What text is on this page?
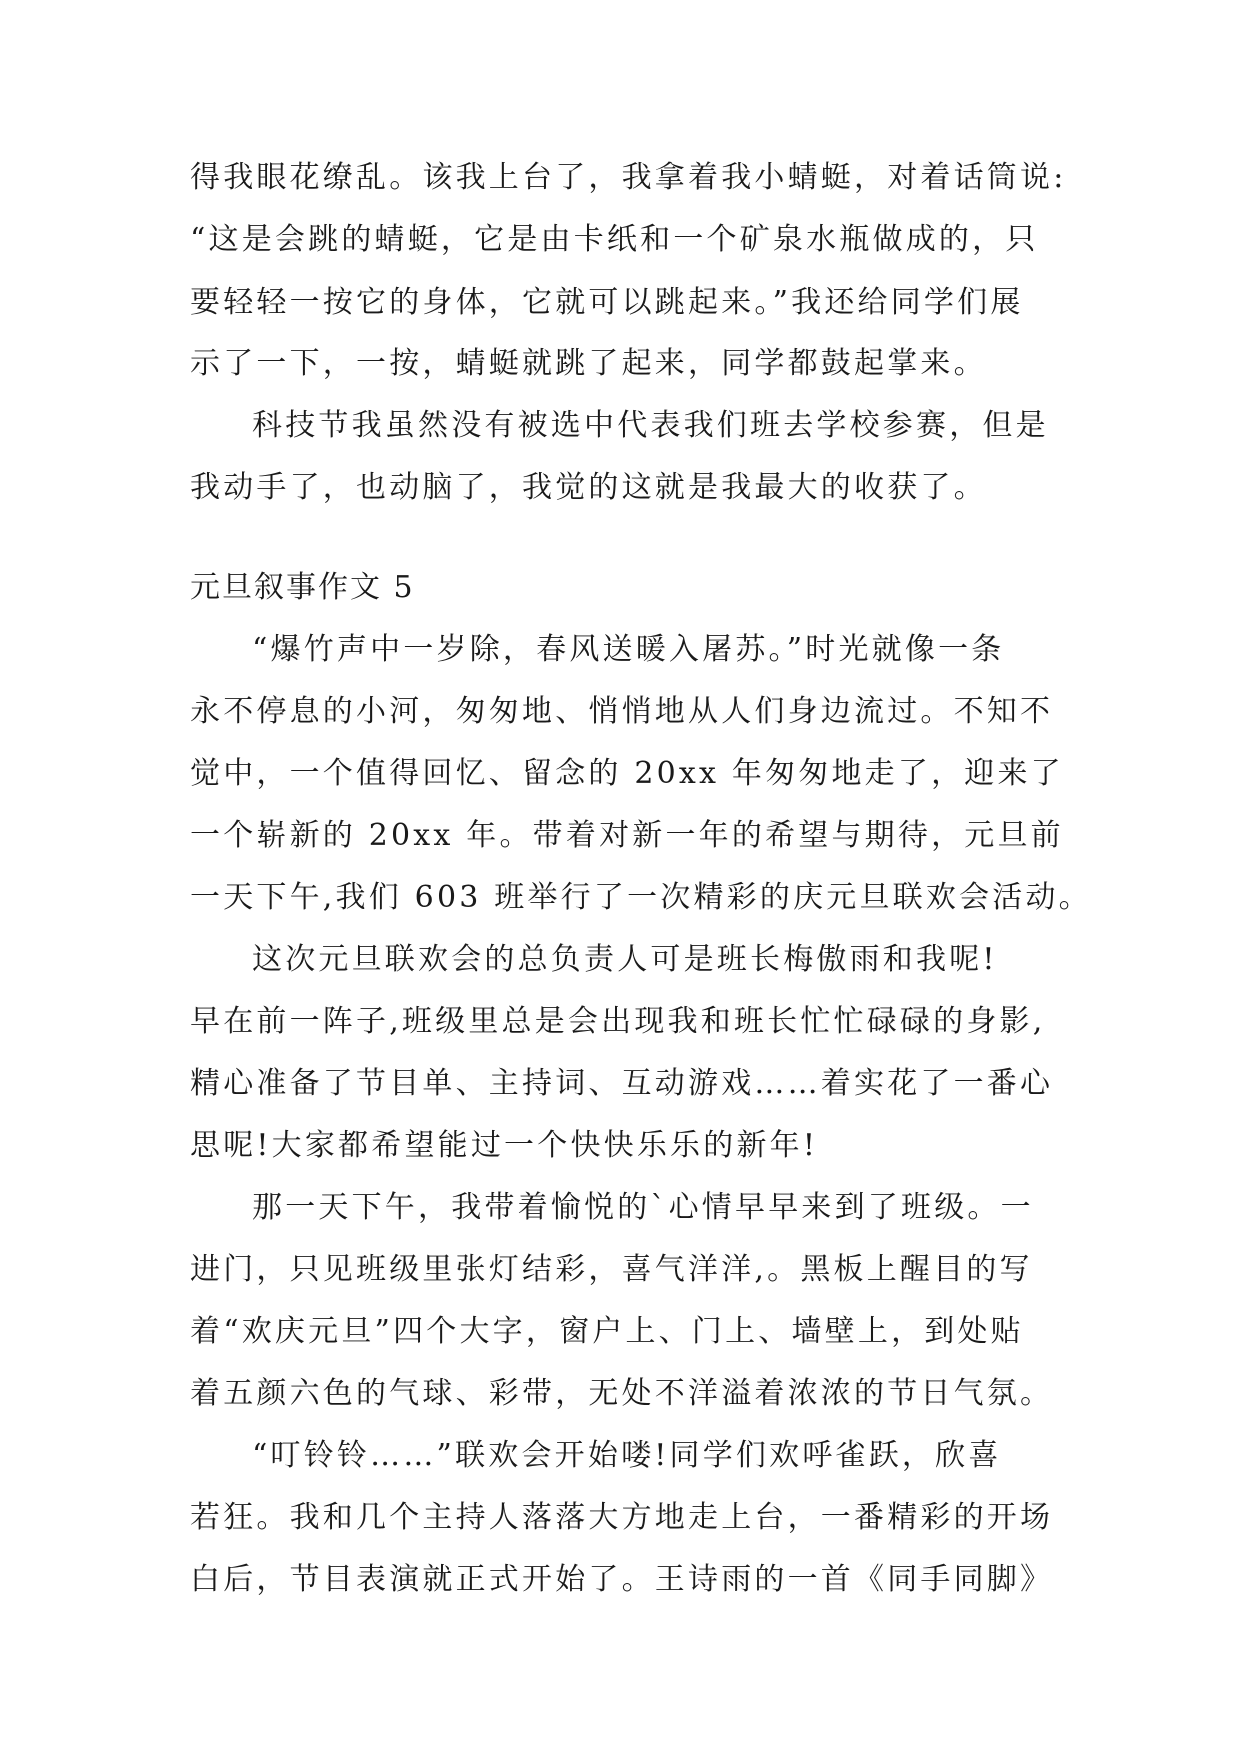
得我眼花缭乱。该我上台了，我拿着我小蜻蜓，对着话筒说:
“这是会跳的蜻蜓，它是由卡纸和一个矿泉水瓶做成的，只
要轻轻一按它的身体，它就可以跳起来。”我还给同学们展
示了一下，一按，蜻蜓就跳了起来，同学都鼓起掌来。
科技节我虽然没有被选中代表我们班去学校参赛，但是
我动手了，也动脑了，我觉的这就是我最大的收获了。
元旦叙事作文 5
“爆竹声中一岁除，春风送暖入屠苏。”时光就像一条
永不停息的小河，匆匆地、悄悄地从人们身边流过。不知不
觉中，一个值得回忆、留念的 20xx 年匆匆地走了，迎来了
一个崭新的 20xx 年。带着对新一年的希望与期待，元旦前
一天下午,我们 603 班举行了一次精彩的庆元旦联欢会活动。
这次元旦联欢会的总负责人可是班长梅傲雨和我呢!
早在前一阵子,班级里总是会出现我和班长忙忙碌碌的身影,
精心准备了节目单、主持词、互动游戏……着实花了一番心
思呢!大家都希望能过一个快快乐乐的新年!
那一天下午，我带着愉悦的`心情早早来到了班级。一
进门，只见班级里张灯结彩，喜气洋洋,。黑板上醒目的写
着“欢庆元旦”四个大字，窗户上、门上、墙壁上，到处贴
着五颜六色的气球、彩带，无处不洋溢着浓浓的节日气氛。
“叮铃铃……”联欢会开始喽!同学们欢呼雀跃，欣喜
若狂。我和几个主持人落落大方地走上台，一番精彩的开场
白后，节目表演就正式开始了。王诗雨的一首《同手同脚》
